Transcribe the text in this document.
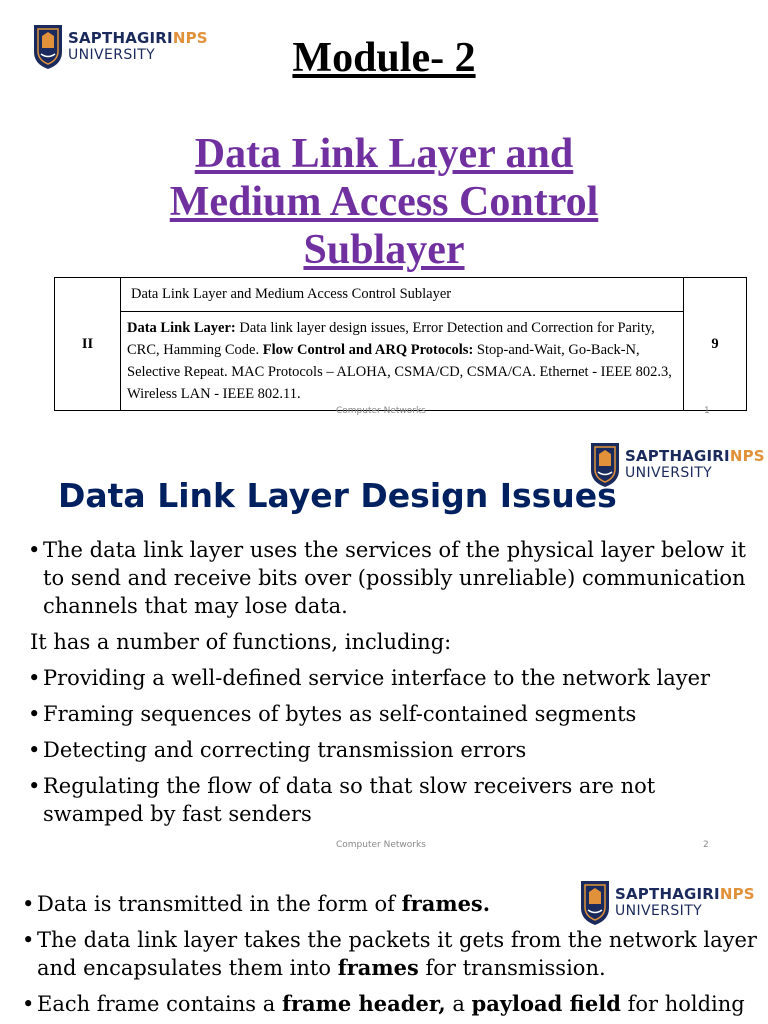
SAPTHAGIRINPS
UNIVERSITY	Module- 2
Data Link Layer and
Medium Access Control
Sublayer
II	Data Link Layer and Medium Access Control Sublayer	9
Data Link Layer: Data link layer design issues, Error Detection and Correction for Parity, CRC, Hamming Code. Flow Control and ARQ Protocols: Stop-and-Wait, Go-Back-N, Selective Repeat. MAC Protocols – ALOHA, CSMA/CD, CSMA/CA. Ethernet - IEEE 802.3, Wireless LAN - IEEE 802.11.
Computer Networks	1
SAPTHAGIRINPS
UNIVERSITY
Data Link Layer Design Issues
• The data link layer uses the services of the physical layer below it to send and receive bits over (possibly unreliable) communication channels that may lose data.
It has a number of functions, including:
• Providing a well-defined service interface to the network layer
• Framing sequences of bytes as self-contained segments
• Detecting and correcting transmission errors
• Regulating the flow of data so that slow receivers are not swamped by fast senders
Computer Networks	2
SAPTHAGIRINPS
UNIVERSITY
• Data is transmitted in the form of frames.
• The data link layer takes the packets it gets from the network layer and encapsulates them into frames for transmission.
• Each frame contains a frame header, a payload field for holding
